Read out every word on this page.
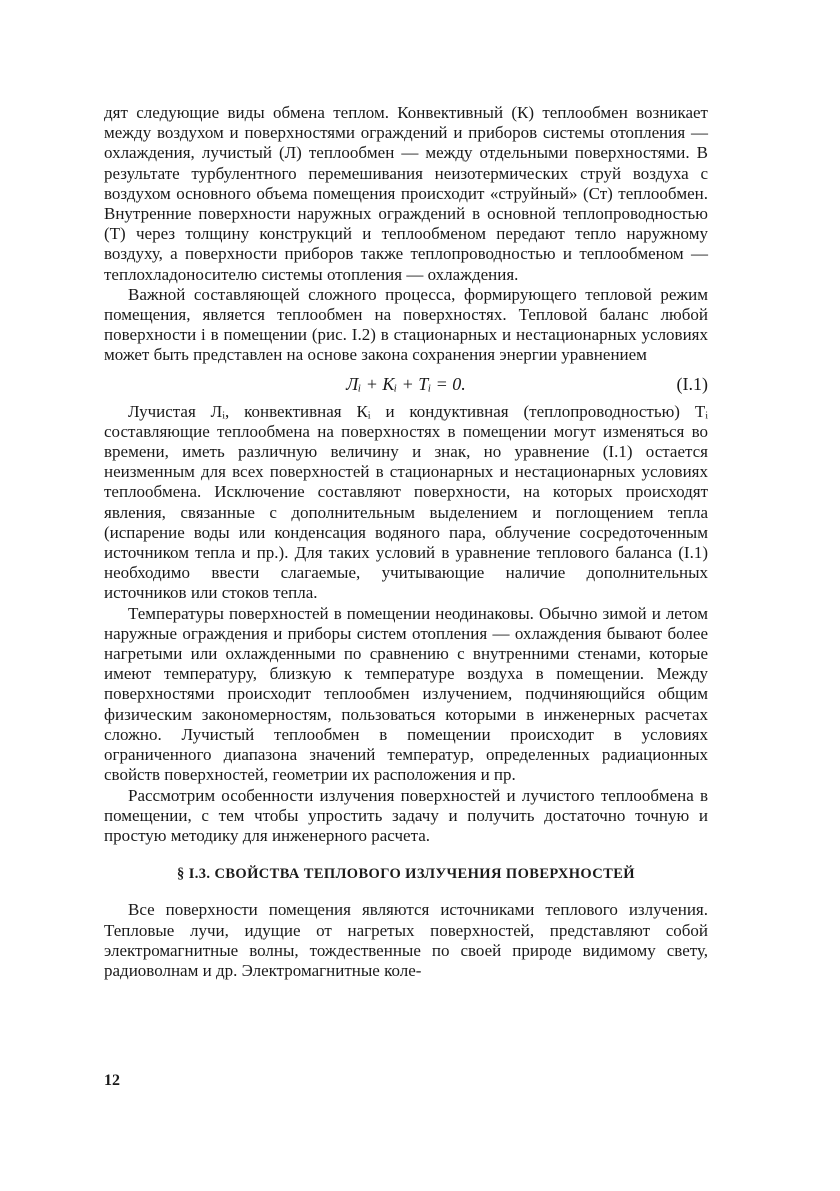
дят следующие виды обмена теплом. Конвективный (К) теплообмен возникает между воздухом и поверхностями ограждений и приборов системы отопления — охлаждения, лучистый (Л) теплообмен — между отдельными поверхностями. В результате турбулентного перемешивания неизотермических струй воздуха с воздухом основного объема помещения происходит «струйный» (Ст) теплообмен. Внутренние поверхности наружных ограждений в основной теплопроводностью (Т) через толщину конструкций и теплообменом передают тепло наружному воздуху, а поверхности приборов также теплопроводностью и теплообменом — теплохладоносителю системы отопления — охлаждения.

Важной составляющей сложного процесса, формирующего тепловой режим помещения, является теплообмен на поверхностях. Тепловой баланс любой поверхности i в помещении (рис. I.2) в стационарных и нестационарных условиях может быть представлен на основе закона сохранения энергии уравнением

Лᵢ + Кᵢ + Тᵢ = 0.	(I.1)

Лучистая Лᵢ, конвективная Кᵢ и кондуктивная (теплопроводностью) Тᵢ составляющие теплообмена на поверхностях в помещении могут изменяться во времени, иметь различную величину и знак, но уравнение (I.1) остается неизменным для всех поверхностей в стационарных и нестационарных условиях теплообмена. Исключение составляют поверхности, на которых происходят явления, связанные с дополнительным выделением и поглощением тепла (испарение воды или конденсация водяного пара, облучение сосредоточенным источником тепла и пр.). Для таких условий в уравнение теплового баланса (I.1) необходимо ввести слагаемые, учитывающие наличие дополнительных источников или стоков тепла.

Температуры поверхностей в помещении неодинаковы. Обычно зимой и летом наружные ограждения и приборы систем отопления — охлаждения бывают более нагретыми или охлажденными по сравнению с внутренними стенами, которые имеют температуру, близкую к температуре воздуха в помещении. Между поверхностями происходит теплообмен излучением, подчиняющийся общим физическим закономерностям, пользоваться которыми в инженерных расчетах сложно. Лучистый теплообмен в помещении происходит в условиях ограниченного диапазона значений температур, определенных радиационных свойств поверхностей, геометрии их расположения и пр.

Рассмотрим особенности излучения поверхностей и лучистого теплообмена в помещении, с тем чтобы упростить задачу и получить достаточно точную и простую методику для инженерного расчета.

§ I.3. СВОЙСТВА ТЕПЛОВОГО ИЗЛУЧЕНИЯ ПОВЕРХНОСТЕЙ

Все поверхности помещения являются источниками теплового излучения. Тепловые лучи, идущие от нагретых поверхностей, представляют собой электромагнитные волны, тождественные по своей природе видимому свету, радиоволнам и др. Электромагнитные коле-

12
